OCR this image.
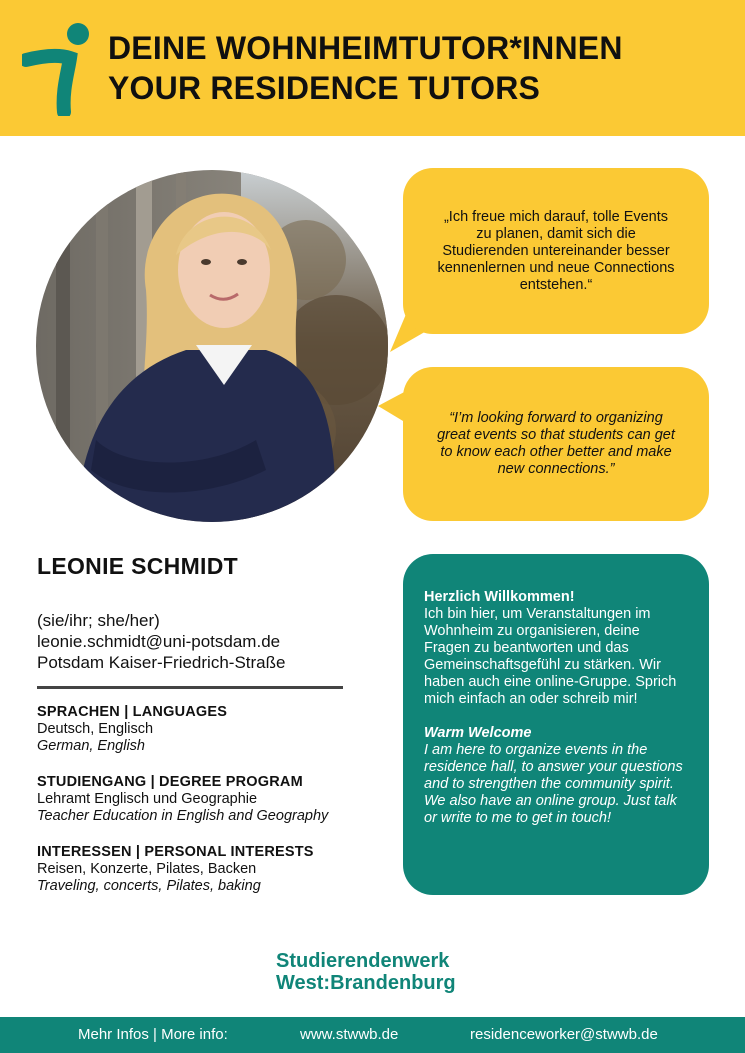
DEINE WOHNHEIMTUTOR*INNEN
YOUR RESIDENCE TUTORS
„Ich freue mich darauf, tolle Events zu planen, damit sich die Studierenden untereinander besser kennenlernen und neue Connections entstehen.“
“I’m looking forward to organizing great events so that students can get to know each other better and make new connections.”
LEONIE SCHMIDT
(sie/ihr; she/her)
leonie.schmidt@uni-potsdam.de
Potsdam Kaiser-Friedrich-Straße
SPRACHEN | LANGUAGES
Deutsch, Englisch
German, English
STUDIENGANG | DEGREE PROGRAM
Lehramt Englisch und Geographie
Teacher Education in English and Geography
INTERESSEN | PERSONAL INTERESTS
Reisen, Konzerte, Pilates, Backen
Traveling, concerts, Pilates, baking
Herzlich Willkommen!
Ich bin hier, um Veranstaltungen im Wohnheim zu organisieren, deine Fragen zu beantworten und das Gemeinschaftsgefühl zu stärken. Wir haben auch eine online-Gruppe. Sprich mich einfach an oder schreib mir!
Warm Welcome
I am here to organize events in the residence hall, to answer your questions and to strengthen the community spirit. We also have an online group. Just talk or write to me to get in touch!
Studierendenwerk
West:Brandenburg
Mehr Infos | More info:	www.stwwb.de	residenceworker@stwwb.de
